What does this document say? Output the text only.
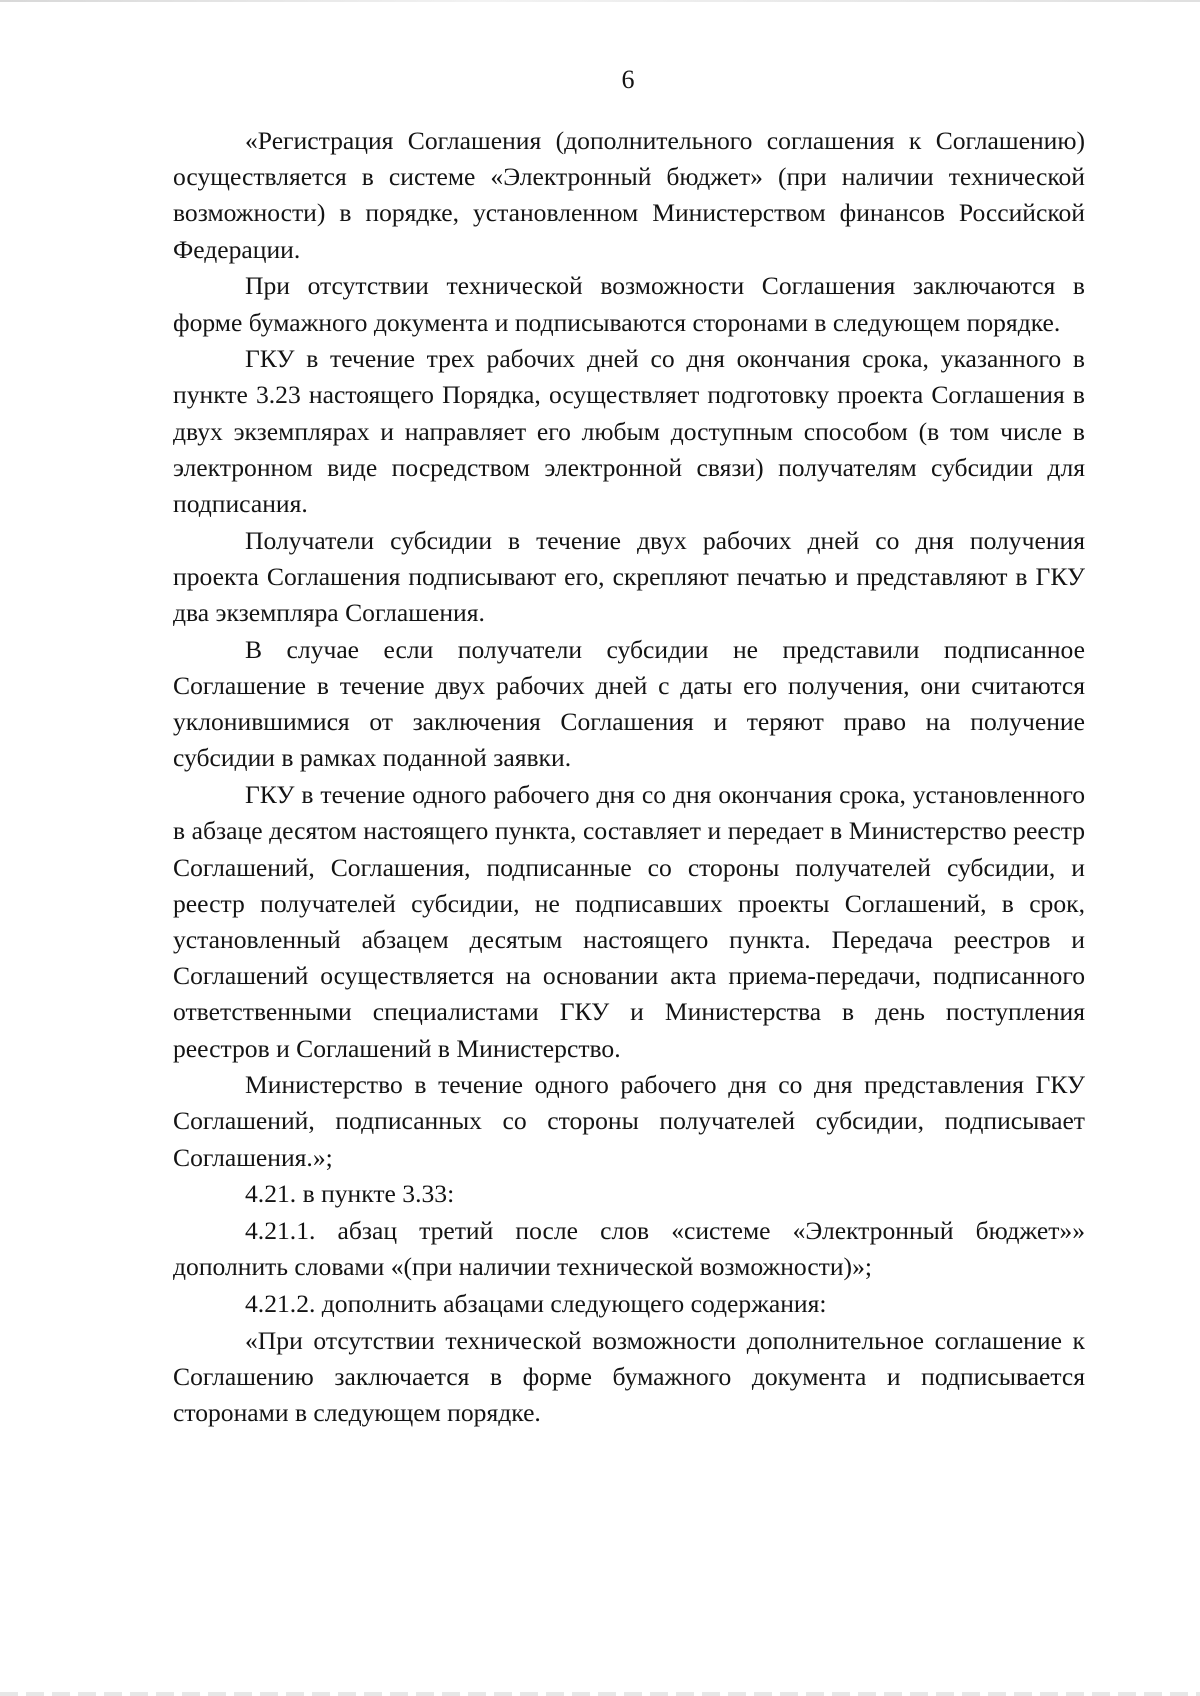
6

«Регистрация Соглашения (дополнительного соглашения к Соглашению) осуществляется в системе «Электронный бюджет» (при наличии технической возможности) в порядке, установленном Министерством финансов Российской Федерации.

При отсутствии технической возможности Соглашения заключаются в форме бумажного документа и подписываются сторонами в следующем порядке.

ГКУ в течение трех рабочих дней со дня окончания срока, указанного в пункте 3.23 настоящего Порядка, осуществляет подготовку проекта Соглашения в двух экземплярах и направляет его любым доступным способом (в том числе в электронном виде посредством электронной связи) получателям субсидии для подписания.

Получатели субсидии в течение двух рабочих дней со дня получения проекта Соглашения подписывают его, скрепляют печатью и представляют в ГКУ два экземпляра Соглашения.

В случае если получатели субсидии не представили подписанное Соглашение в течение двух рабочих дней с даты его получения, они считаются уклонившимися от заключения Соглашения и теряют право на получение субсидии в рамках поданной заявки.

ГКУ в течение одного рабочего дня со дня окончания срока, установленного в абзаце десятом настоящего пункта, составляет и передает в Министерство реестр Соглашений, Соглашения, подписанные со стороны получателей субсидии, и реестр получателей субсидии, не подписавших проекты Соглашений, в срок, установленный абзацем десятым настоящего пункта. Передача реестров и Соглашений осуществляется на основании акта приема-передачи, подписанного ответственными специалистами ГКУ и Министерства в день поступления реестров и Соглашений в Министерство.

Министерство в течение одного рабочего дня со дня представления ГКУ Соглашений, подписанных со стороны получателей субсидии, подписывает Соглашения.»;

4.21. в пункте 3.33:

4.21.1. абзац третий после слов «системе «Электронный бюджет»» дополнить словами «(при наличии технической возможности)»;

4.21.2. дополнить абзацами следующего содержания:

«При отсутствии технической возможности дополнительное соглашение к Соглашению заключается в форме бумажного документа и подписывается сторонами в следующем порядке.
